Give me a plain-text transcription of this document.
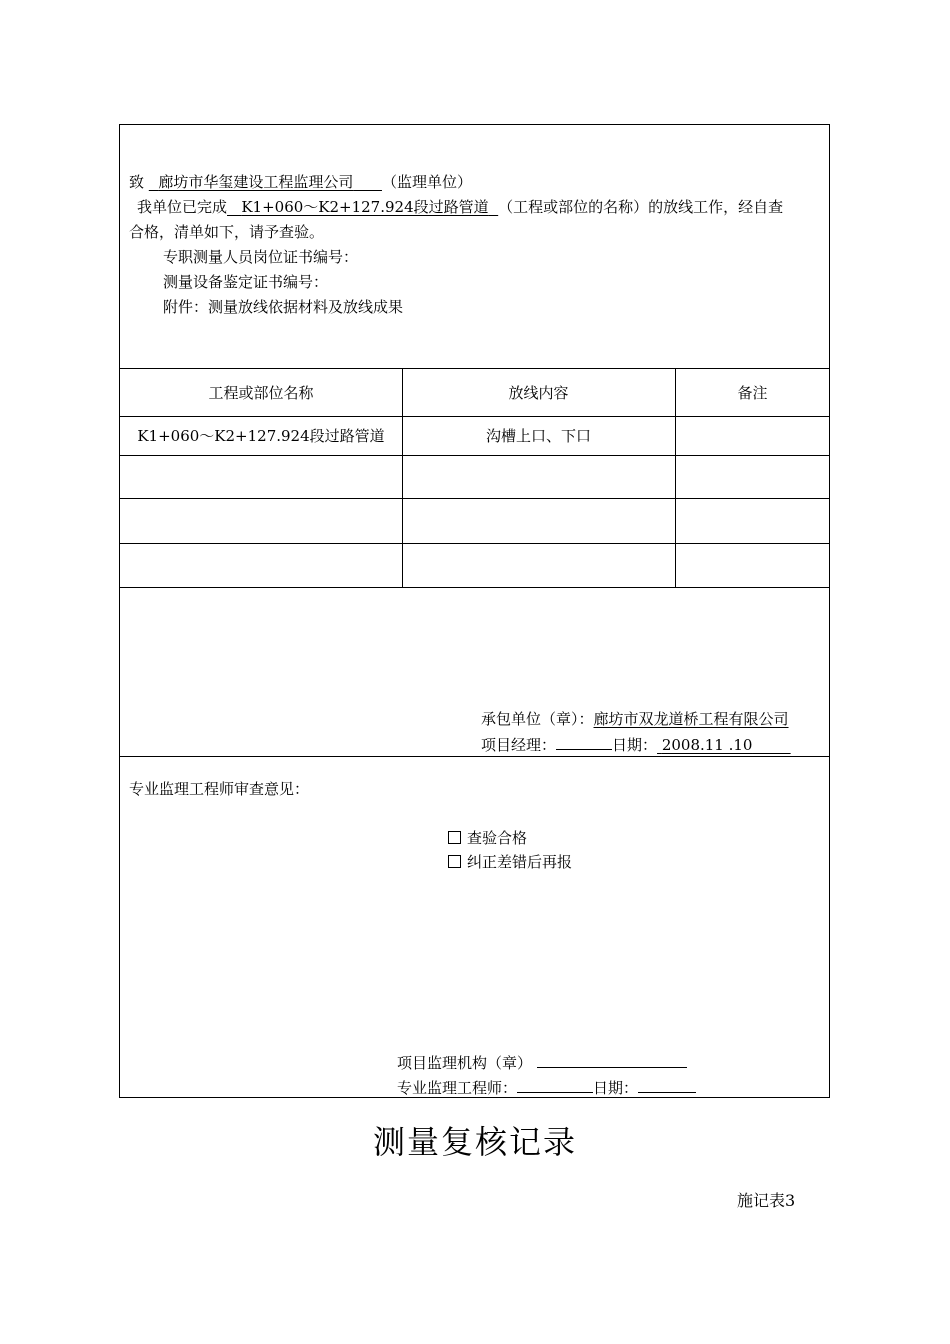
致 廊坊市华玺建设工程监理公司 （监理单位）
我单位已完成 K1+060～K2+127.924段过路管道 （工程或部位的名称）的放线工作，经自查
合格，清单如下，请予查验。
专职测量人员岗位证书编号：
测量设备鉴定证书编号：
附件：测量放线依据材料及放线成果
工程或部位名称	放线内容	备注
K1+060～K2+127.924段过路管道	沟槽上口、下口
承包单位（章）：廊坊市双龙道桥工程有限公司
项目经理：	日期： 2008.11 .10
专业监理工程师审查意见：
查验合格
纠正差错后再报
项目监理机构（章）
专业监理工程师：	日期：
测量复核记录
施记表3
